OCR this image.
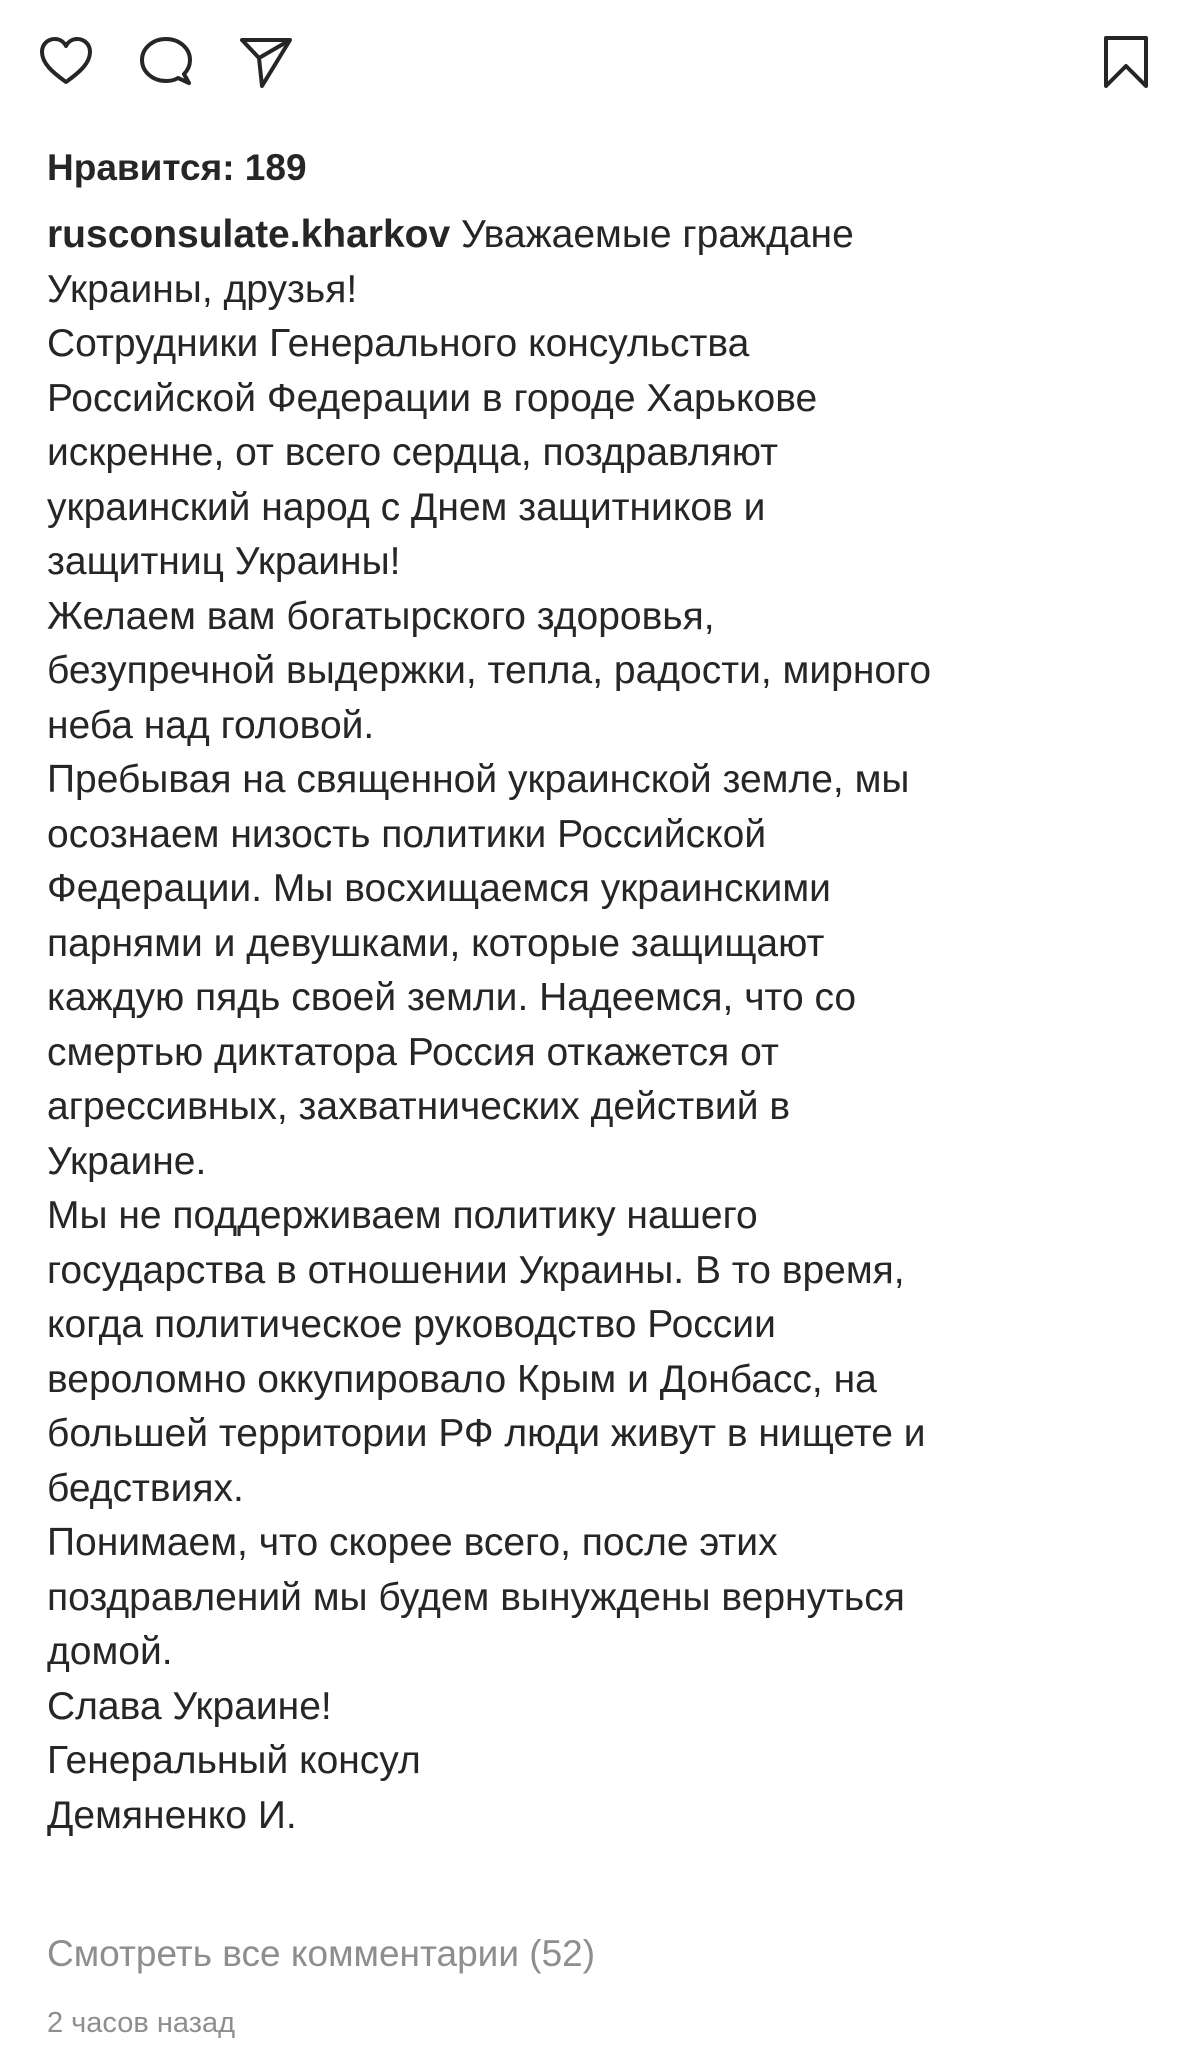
Нравится: 189

rusconsulate.kharkov Уважаемые граждане
Украины, друзья!

Сотрудники Генерального консульства
Российской Федерации в городе Харькове
искренне, от всего сердца, поздравляют
украинский народ с Днем защитников и
защитниц Украины!

Желаем вам богатырского здоровья,
безупречной выдержки, тепла, радости, мирного
неба над головой.

Пребывая на священной украинской земле, мы
осознаем низость политики Российской
Федерации. Мы восхищаемся украинскими
парнями и девушками, которые защищают
каждую пядь своей земли. Надеемся, что со
смертью диктатора Россия откажется от
агрессивных, захватнических действий в
Украине.

Мы не поддерживаем политику нашего
государства в отношении Украины. В то время,
когда политическое руководство России
вероломно оккупировало Крым и Донбасс, на
большей территории РФ люди живут в нищете и
бедствиях.

Понимаем, что скорее всего, после этих
поздравлений мы будем вынуждены вернуться
домой.

Слава Украине!

Генеральный консул

Демяненко И.

Смотреть все комментарии (52)
2 часов назад
